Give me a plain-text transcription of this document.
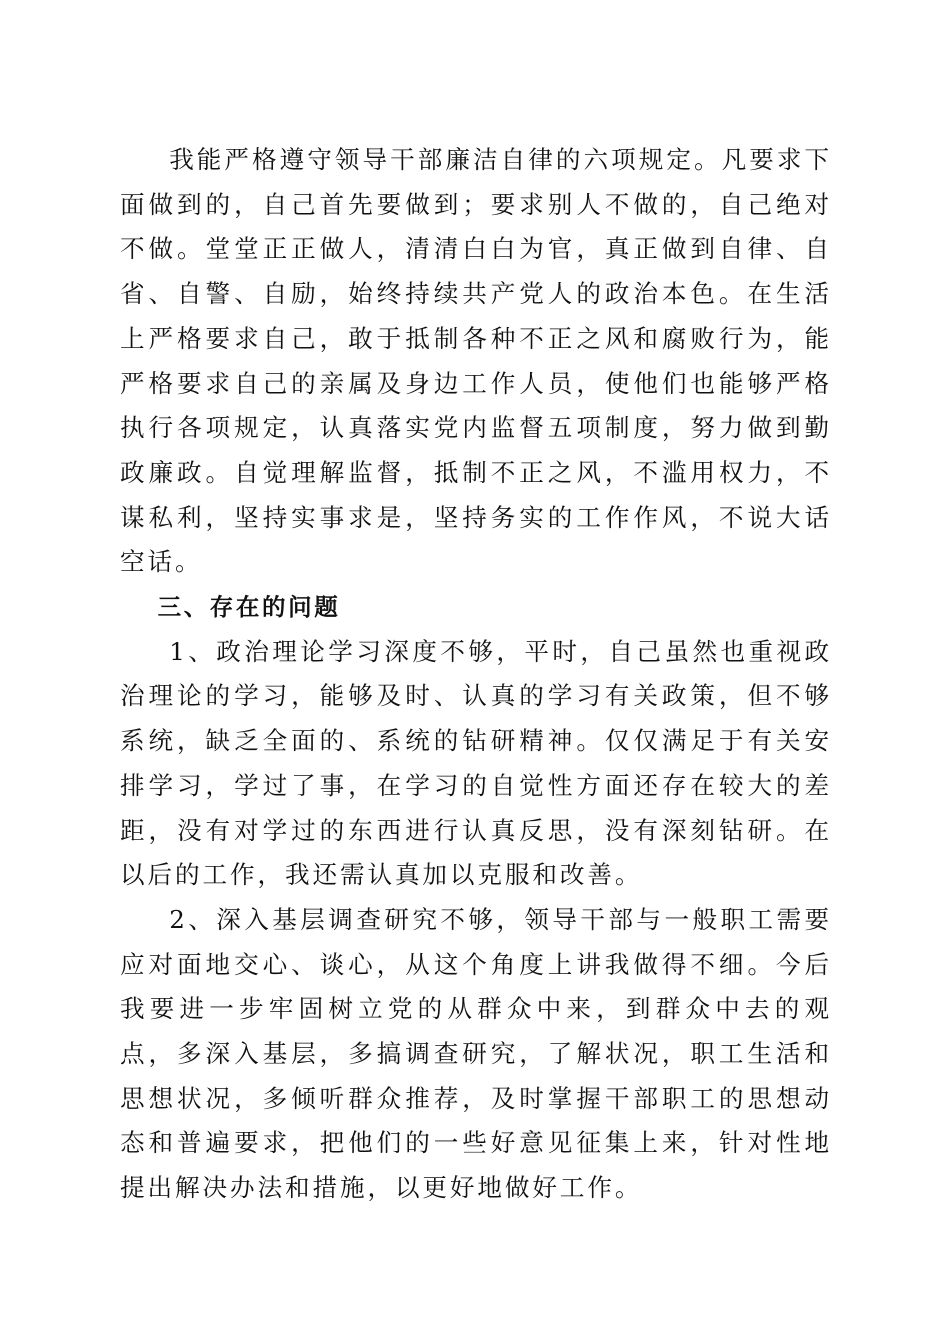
我能严格遵守领导干部廉洁自律的六项规定。凡要求下面做到的，自己首先要做到；要求别人不做的，自己绝对不做。堂堂正正做人，清清白白为官，真正做到自律、自省、自警、自励，始终持续共产党人的政治本色。在生活上严格要求自己，敢于抵制各种不正之风和腐败行为，能严格要求自己的亲属及身边工作人员，使他们也能够严格执行各项规定，认真落实党内监督五项制度，努力做到勤政廉政。自觉理解监督，抵制不正之风，不滥用权力，不谋私利，坚持实事求是，坚持务实的工作作风，不说大话空话。

三、存在的问题

1、政治理论学习深度不够，平时，自己虽然也重视政治理论的学习，能够及时、认真的学习有关政策，但不够系统，缺乏全面的、系统的钻研精神。仅仅满足于有关安排学习，学过了事，在学习的自觉性方面还存在较大的差距，没有对学过的东西进行认真反思，没有深刻钻研。在以后的工作，我还需认真加以克服和改善。

2、深入基层调查研究不够，领导干部与一般职工需要应对面地交心、谈心，从这个角度上讲我做得不细。今后我要进一步牢固树立党的从群众中来，到群众中去的观点，多深入基层，多搞调查研究，了解状况，职工生活和思想状况，多倾听群众推荐，及时掌握干部职工的思想动态和普遍要求，把他们的一些好意见征集上来，针对性地提出解决办法和措施，以更好地做好工作。
